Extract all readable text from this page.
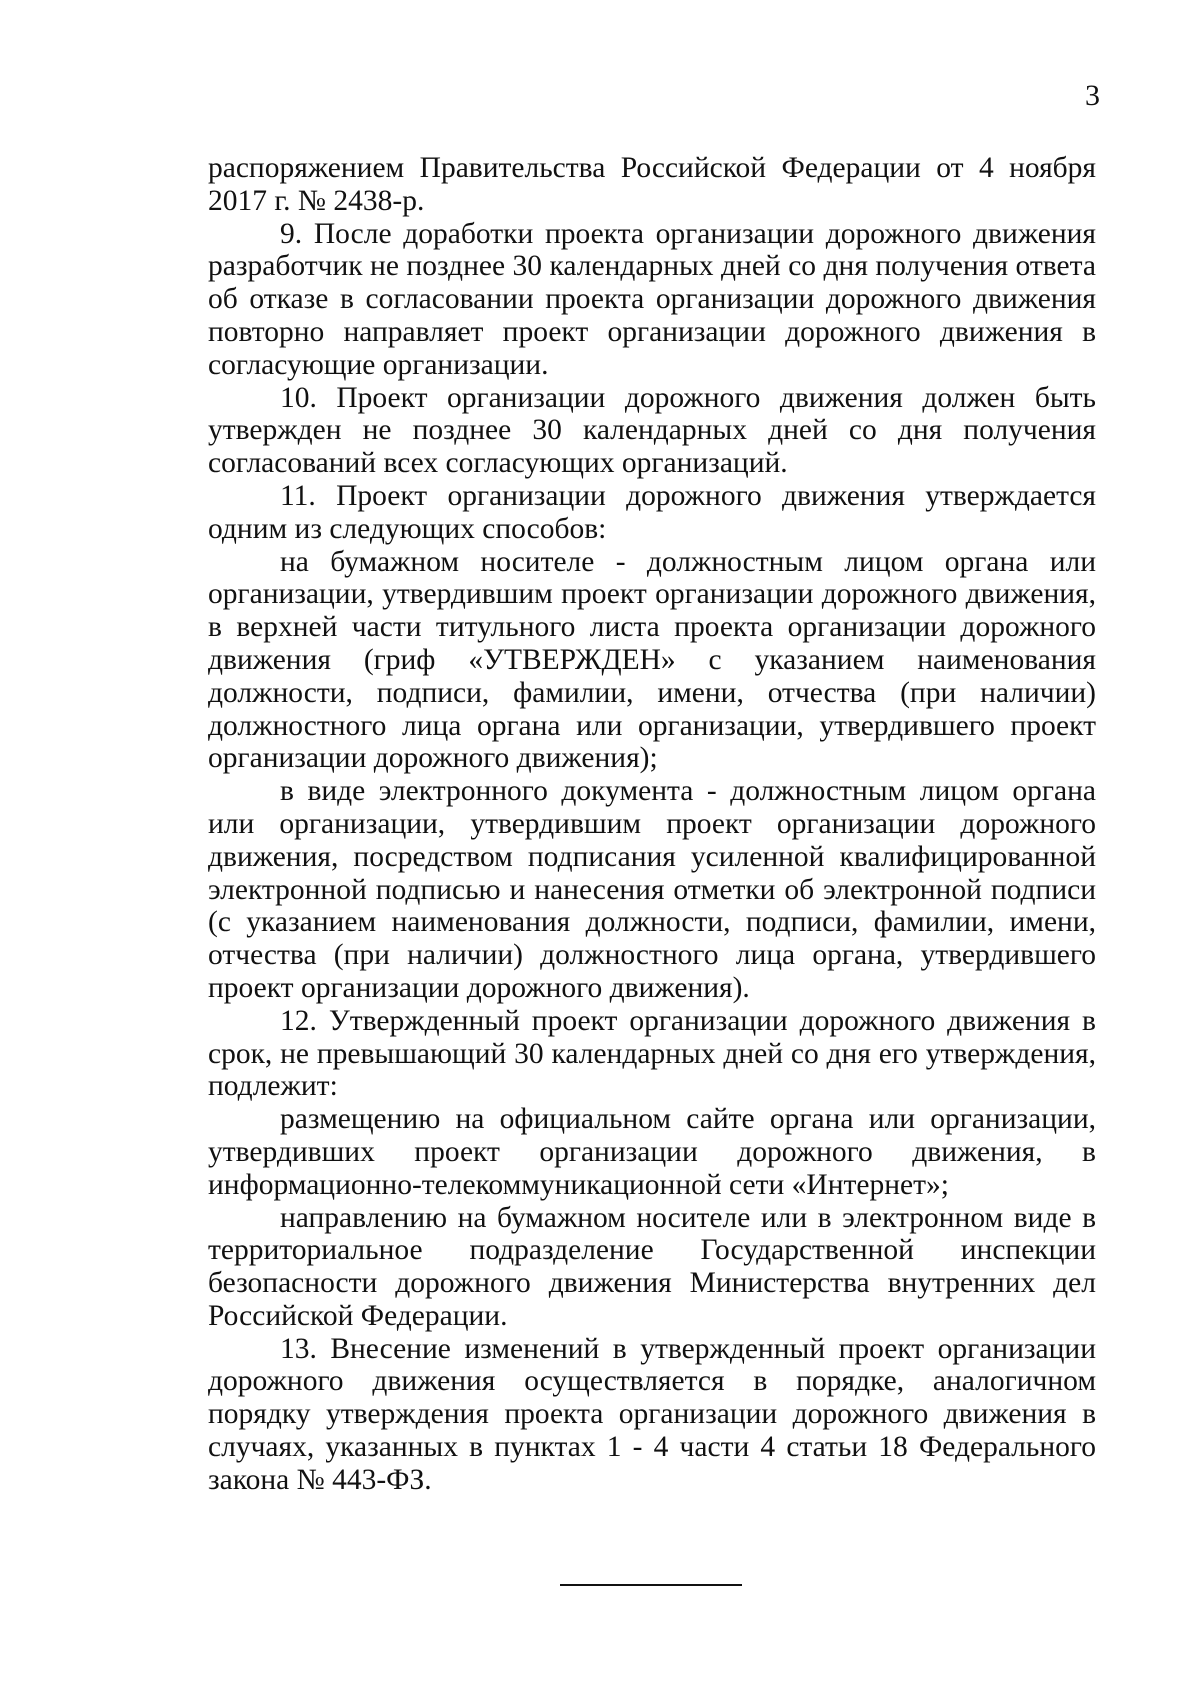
3

распоряжением Правительства Российской Федерации от 4 ноября 2017 г. № 2438-р.

9. После доработки проекта организации дорожного движения разработчик не позднее 30 календарных дней со дня получения ответа об отказе в согласовании проекта организации дорожного движения повторно направляет проект организации дорожного движения в согласующие организации.

10. Проект организации дорожного движения должен быть утвержден не позднее 30 календарных дней со дня получения согласований всех согласующих организаций.

11. Проект организации дорожного движения утверждается одним из следующих способов:

на бумажном носителе - должностным лицом органа или организации, утвердившим проект организации дорожного движения, в верхней части титульного листа проекта организации дорожного движения (гриф «УТВЕРЖДЕН» с указанием наименования должности, подписи, фамилии, имени, отчества (при наличии) должностного лица органа или организации, утвердившего проект организации дорожного движения);

в виде электронного документа - должностным лицом органа или организации, утвердившим проект организации дорожного движения, посредством подписания усиленной квалифицированной электронной подписью и нанесения отметки об электронной подписи (с указанием наименования должности, подписи, фамилии, имени, отчества (при наличии) должностного лица органа, утвердившего проект организации дорожного движения).

12. Утвержденный проект организации дорожного движения в срок, не превышающий 30 календарных дней со дня его утверждения, подлежит:

размещению на официальном сайте органа или организации, утвердивших проект организации дорожного движения, в информационно-телекоммуникационной сети «Интернет»;

направлению на бумажном носителе или в электронном виде в территориальное подразделение Государственной инспекции безопасности дорожного движения Министерства внутренних дел Российской Федерации.

13. Внесение изменений в утвержденный проект организации дорожного движения осуществляется в порядке, аналогичном порядку утверждения проекта организации дорожного движения в случаях, указанных в пунктах 1 - 4 части 4 статьи 18 Федерального закона № 443-ФЗ.
